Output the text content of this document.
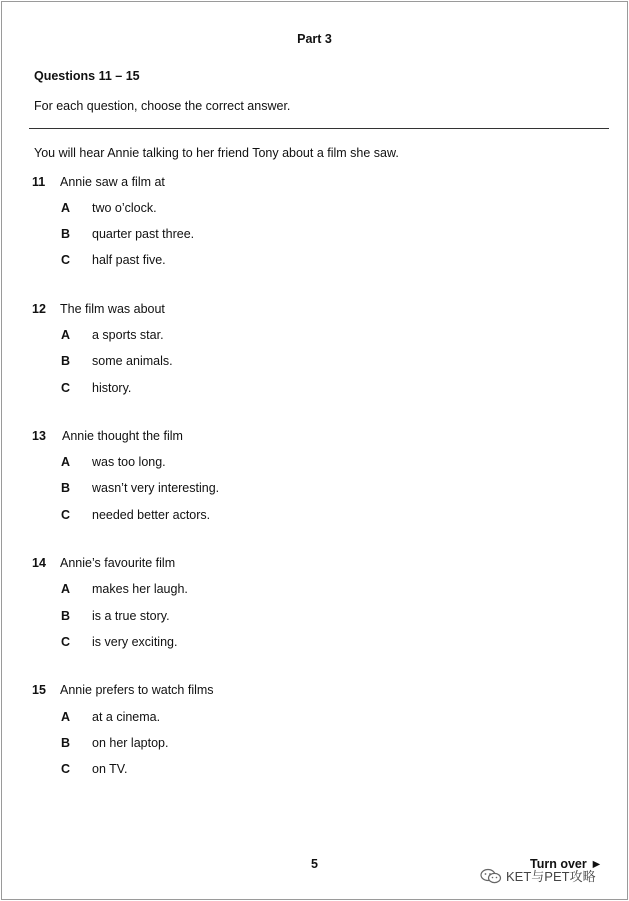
Part 3
Questions 11 – 15
For each question, choose the correct answer.
You will hear Annie talking to her friend Tony about a film she saw.
11 Annie saw a film at
A two o’clock.
B quarter past three.
C half past five.
12 The film was about
A a sports star.
B some animals.
C history.
13 Annie thought the film
A was too long.
B wasn’t very interesting.
C needed better actors.
14 Annie’s favourite film
A makes her laugh.
B is a true story.
C is very exciting.
15 Annie prefers to watch films
A at a cinema.
B on her laptop.
C on TV.
5	Turn over ►
KET与PET攻略
